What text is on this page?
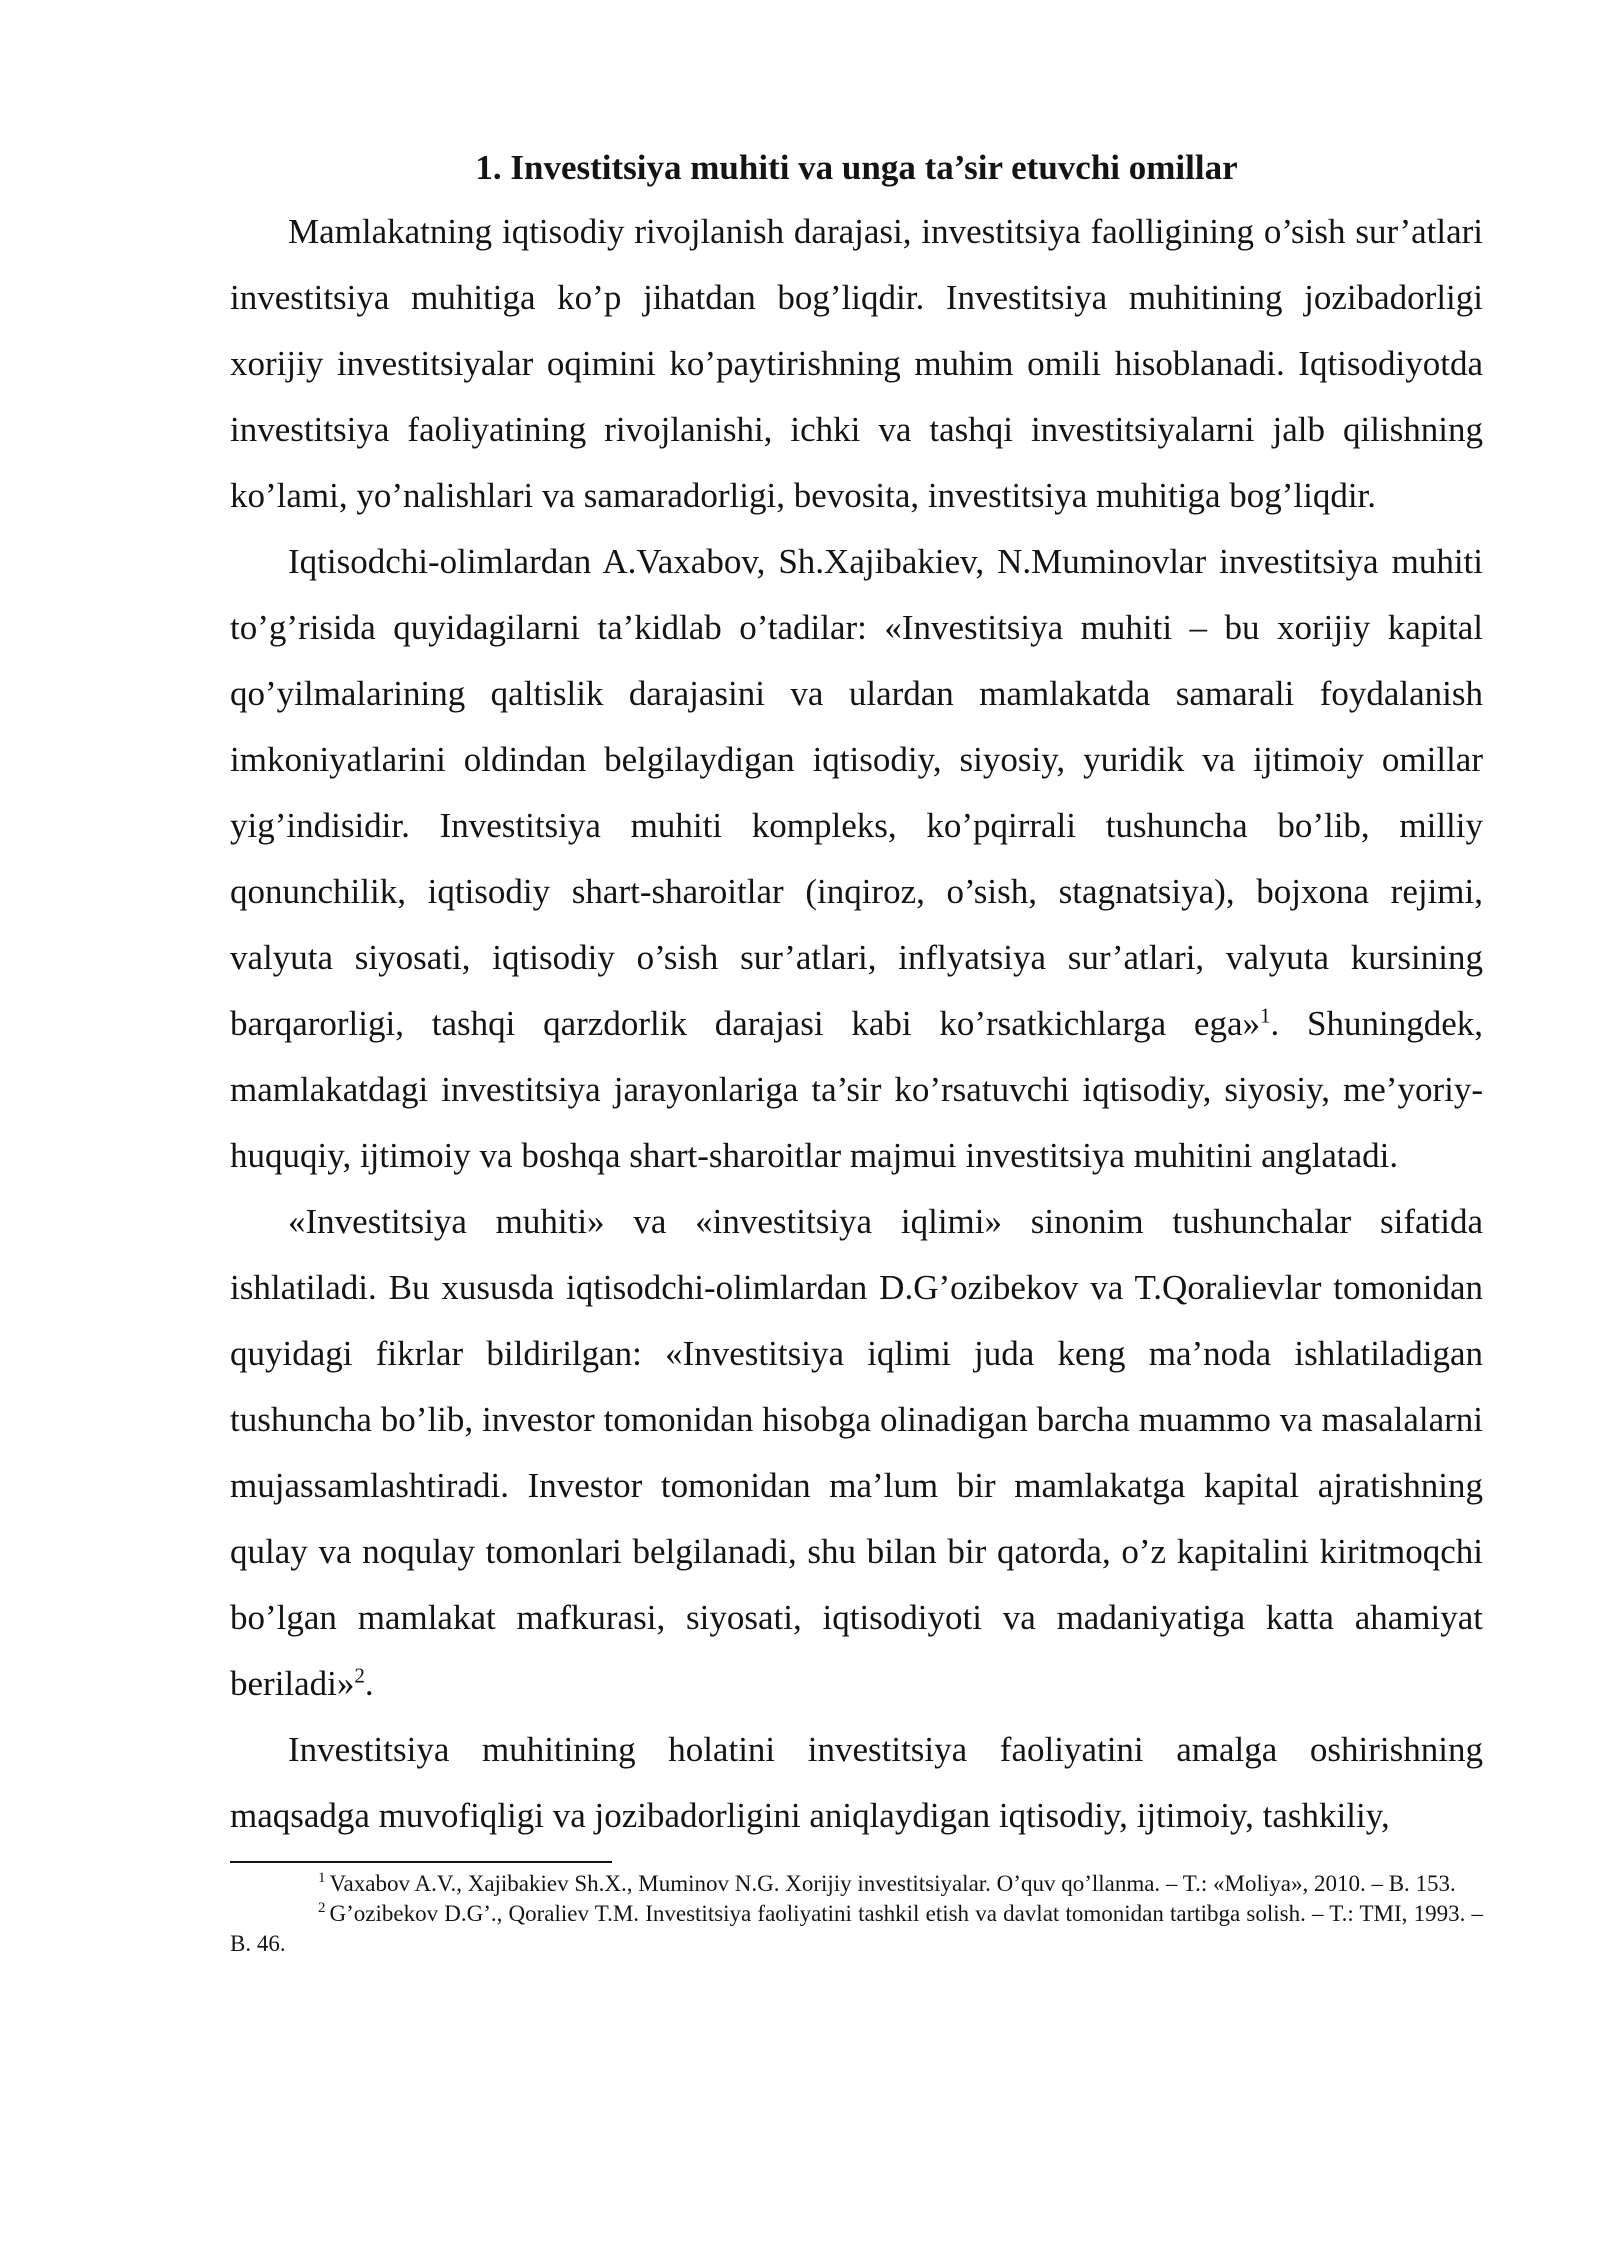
1. Investitsiya muhiti va unga ta’sir etuvchi omillar

Mamlakatning iqtisodiy rivojlanish darajasi, investitsiya faolligining o’sish sur’atlari investitsiya muhitiga ko’p jihatdan bog’liqdir. Investitsiya muhitining jozibadorligi xorijiy investitsiyalar oqimini ko’paytirishning muhim omili hisoblanadi. Iqtisodiyotda investitsiya faoliyatining rivojlanishi, ichki va tashqi investitsiyalarni jalb qilishning ko’lami, yo’nalishlari va samaradorligi, bevosita, investitsiya muhitiga bog’liqdir.

Iqtisodchi-olimlardan A.Vaxabov, Sh.Xajibakiev, N.Muminovlar investitsiya muhiti to’g’risida quyidagilarni ta’kidlab o’tadilar: «Investitsiya muhiti – bu xorijiy kapital qo’yilmalarining qaltislik darajasini va ulardan mamlakatda samarali foydalanish imkoniyatlarini oldindan belgilaydigan iqtisodiy, siyosiy, yuridik va ijtimoiy omillar yig’indisidir. Investitsiya muhiti kompleks, ko’pqirrali tushuncha bo’lib, milliy qonunchilik, iqtisodiy shart-sharoitlar (inqiroz, o’sish, stagnatsiya), bojxona rejimi, valyuta siyosati, iqtisodiy o’sish sur’atlari, inflyatsiya sur’atlari, valyuta kursining barqarorligi, tashqi qarzdorlik darajasi kabi ko’rsatkichlarga ega»$^1$. Shuningdek, mamlakatdagi investitsiya jarayonlariga ta’sir ko’rsatuvchi iqtisodiy, siyosiy, me’yoriy-huquqiy, ijtimoiy va boshqa shart-sharoitlar majmui investitsiya muhitini anglatadi.

«Investitsiya muhiti» va «investitsiya iqlimi» sinonim tushunchalar sifatida ishlatiladi. Bu xususda iqtisodchi-olimlardan D.G’ozibekov va T.Qoralievlar tomonidan quyidagi fikrlar bildirilgan: «Investitsiya iqlimi juda keng ma’noda ishlatiladigan tushuncha bo’lib, investor tomonidan hisobga olinadigan barcha muammo va masalalarni mujassamlashtiradi. Investor tomonidan ma’lum bir mamlakatga kapital ajratishning qulay va noqulay tomonlari belgilanadi, shu bilan bir qatorda, o’z kapitalini kiritmoqchi bo’lgan mamlakat mafkurasi, siyosati, iqtisodiyoti va madaniyatiga katta ahamiyat beriladi»$^2$.

Investitsiya muhitining holatini investitsiya faoliyatini amalga oshirishning maqsadga muvofiqligi va jozibadorligini aniqlaydigan iqtisodiy, ijtimoiy, tashkiliy,

$^1$ Vaxabov A.V., Xajibakiev Sh.X., Muminov N.G. Xorijiy investitsiyalar. O’quv qo’llanma. – T.: «Moliya», 2010. – B. 153.

$^2$ G’ozibekov D.G’., Qoraliev T.M. Investitsiya faoliyatini tashkil etish va davlat tomonidan tartibga solish. – T.: TMI, 1993. – B. 46.
